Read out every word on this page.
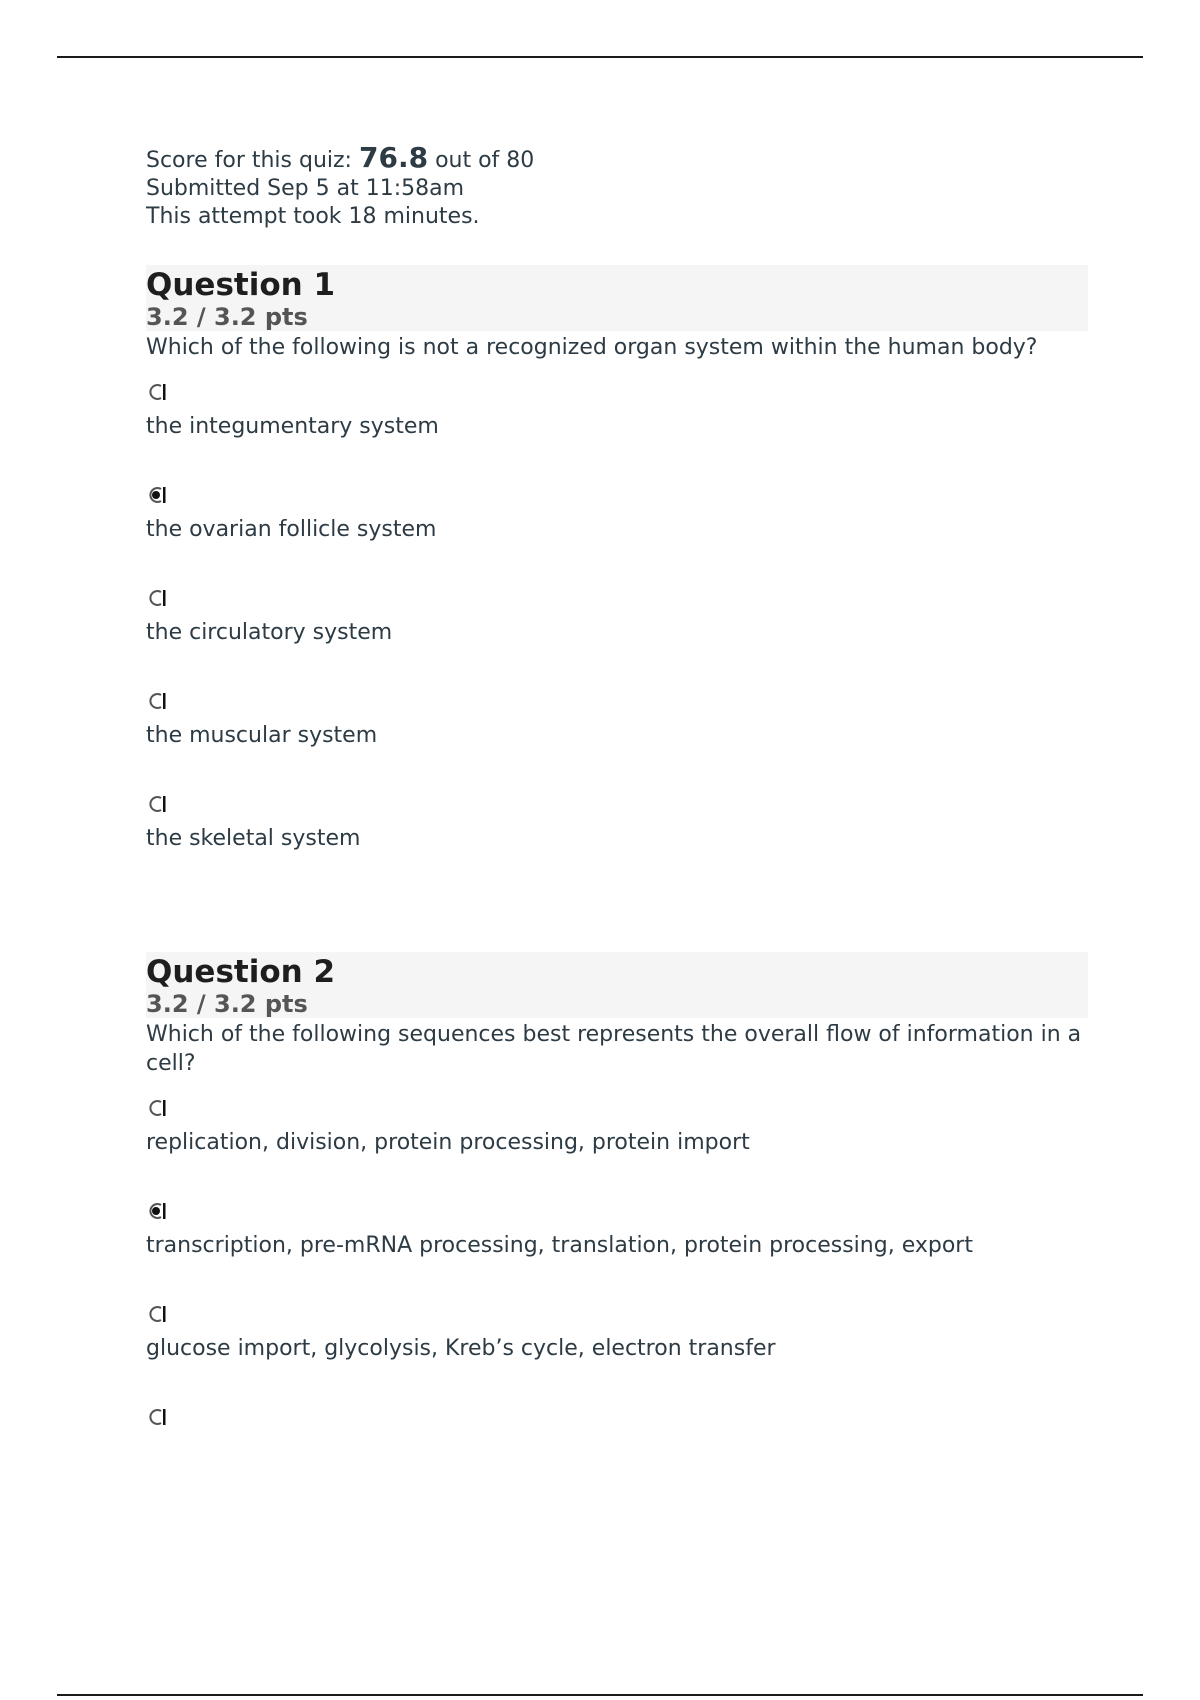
Score for this quiz: 76.8 out of 80
Submitted Sep 5 at 11:58am
This attempt took 18 minutes.
Question 1
3.2 / 3.2 pts
Which of the following is not a recognized organ system within the human body?
the integumentary system
the ovarian follicle system
the circulatory system
the muscular system
the skeletal system
Question 2
3.2 / 3.2 pts
Which of the following sequences best represents the overall flow of information in a cell?
replication, division, protein processing, protein import
transcription, pre-mRNA processing, translation, protein processing, export
glucose import, glycolysis, Kreb’s cycle, electron transfer
